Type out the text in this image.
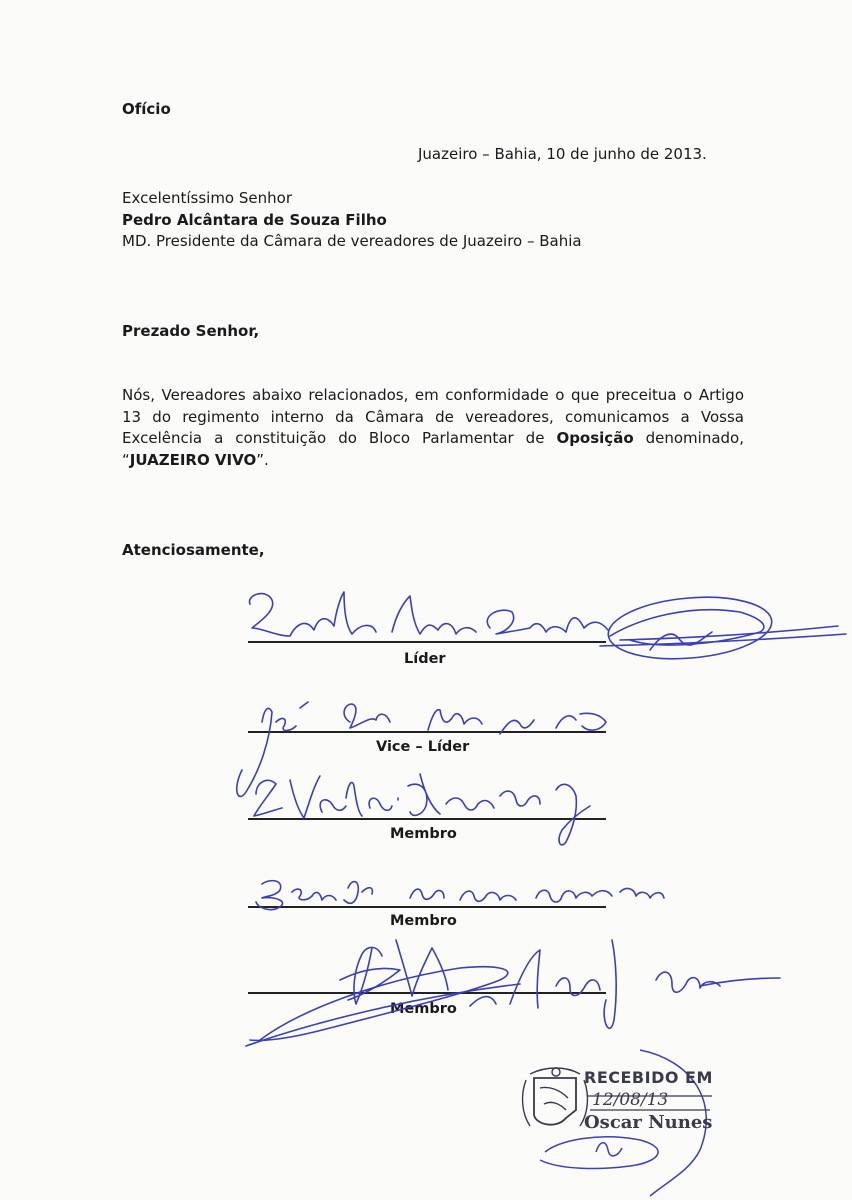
Ofício
Juazeiro – Bahia, 10 de junho de 2013.
Excelentíssimo Senhor
Pedro Alcântara de Souza Filho
MD. Presidente da Câmara de vereadores de Juazeiro – Bahia
Prezado Senhor,
Nós, Vereadores abaixo relacionados, em conformidade o que preceitua o Artigo 13 do regimento interno da Câmara de vereadores, comunicamos a Vossa Excelência a constituição do Bloco Parlamentar de Oposição denominado, “JUAZEIRO VIVO”.
Atenciosamente,
Líder
Vice – Líder
Membro
Membro
Membro
RECEBIDO EM
12/08/13
Oscar Nunes
